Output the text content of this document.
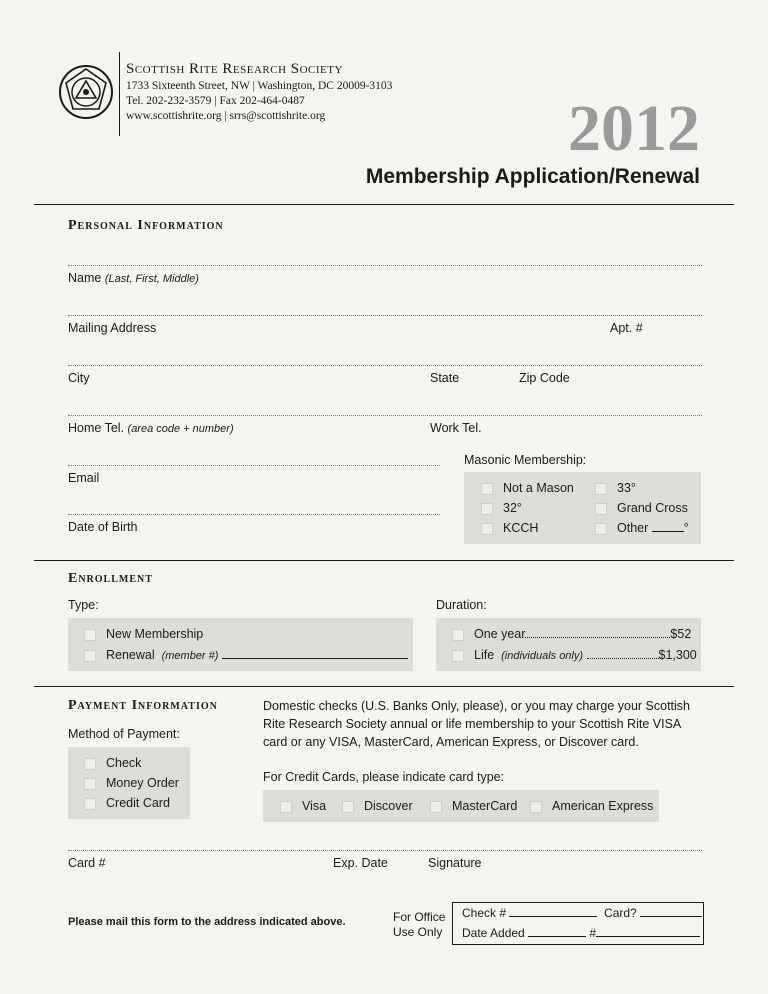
Scottish Rite Research Society
1733 Sixteenth Street, NW | Washington, DC 20009-3103
Tel. 202-232-3579 | Fax 202-464-0487
www.scottishrite.org | srrs@scottishrite.org	2012
Membership Application/Renewal
Personal Information
Name (Last, First, Middle)
Mailing Address	Apt. #
City	State	Zip Code
Home Tel. (area code + number)	Work Tel.
Email
Date of Birth
Masonic Membership:
Not a Mason	33°
32°	Grand Cross
KCCH	Other	°
Enrollment
Type:
New Membership
Renewal (member #)
Duration:
One year	$52
Life (individuals only)	$1,300
Payment Information
Method of Payment:
Check
Money Order
Credit Card
Domestic checks (U.S. Banks Only, please), or you may charge your Scottish Rite Research Society annual or life membership to your Scottish Rite VISA card or any VISA, MasterCard, American Express, or Discover card.
For Credit Cards, please indicate card type:
Visa	Discover	MasterCard	American Express
Card #	Exp. Date	Signature
Please mail this form to the address indicated above.	For Office
Use Only
Check #	Card?
Date Added	#
